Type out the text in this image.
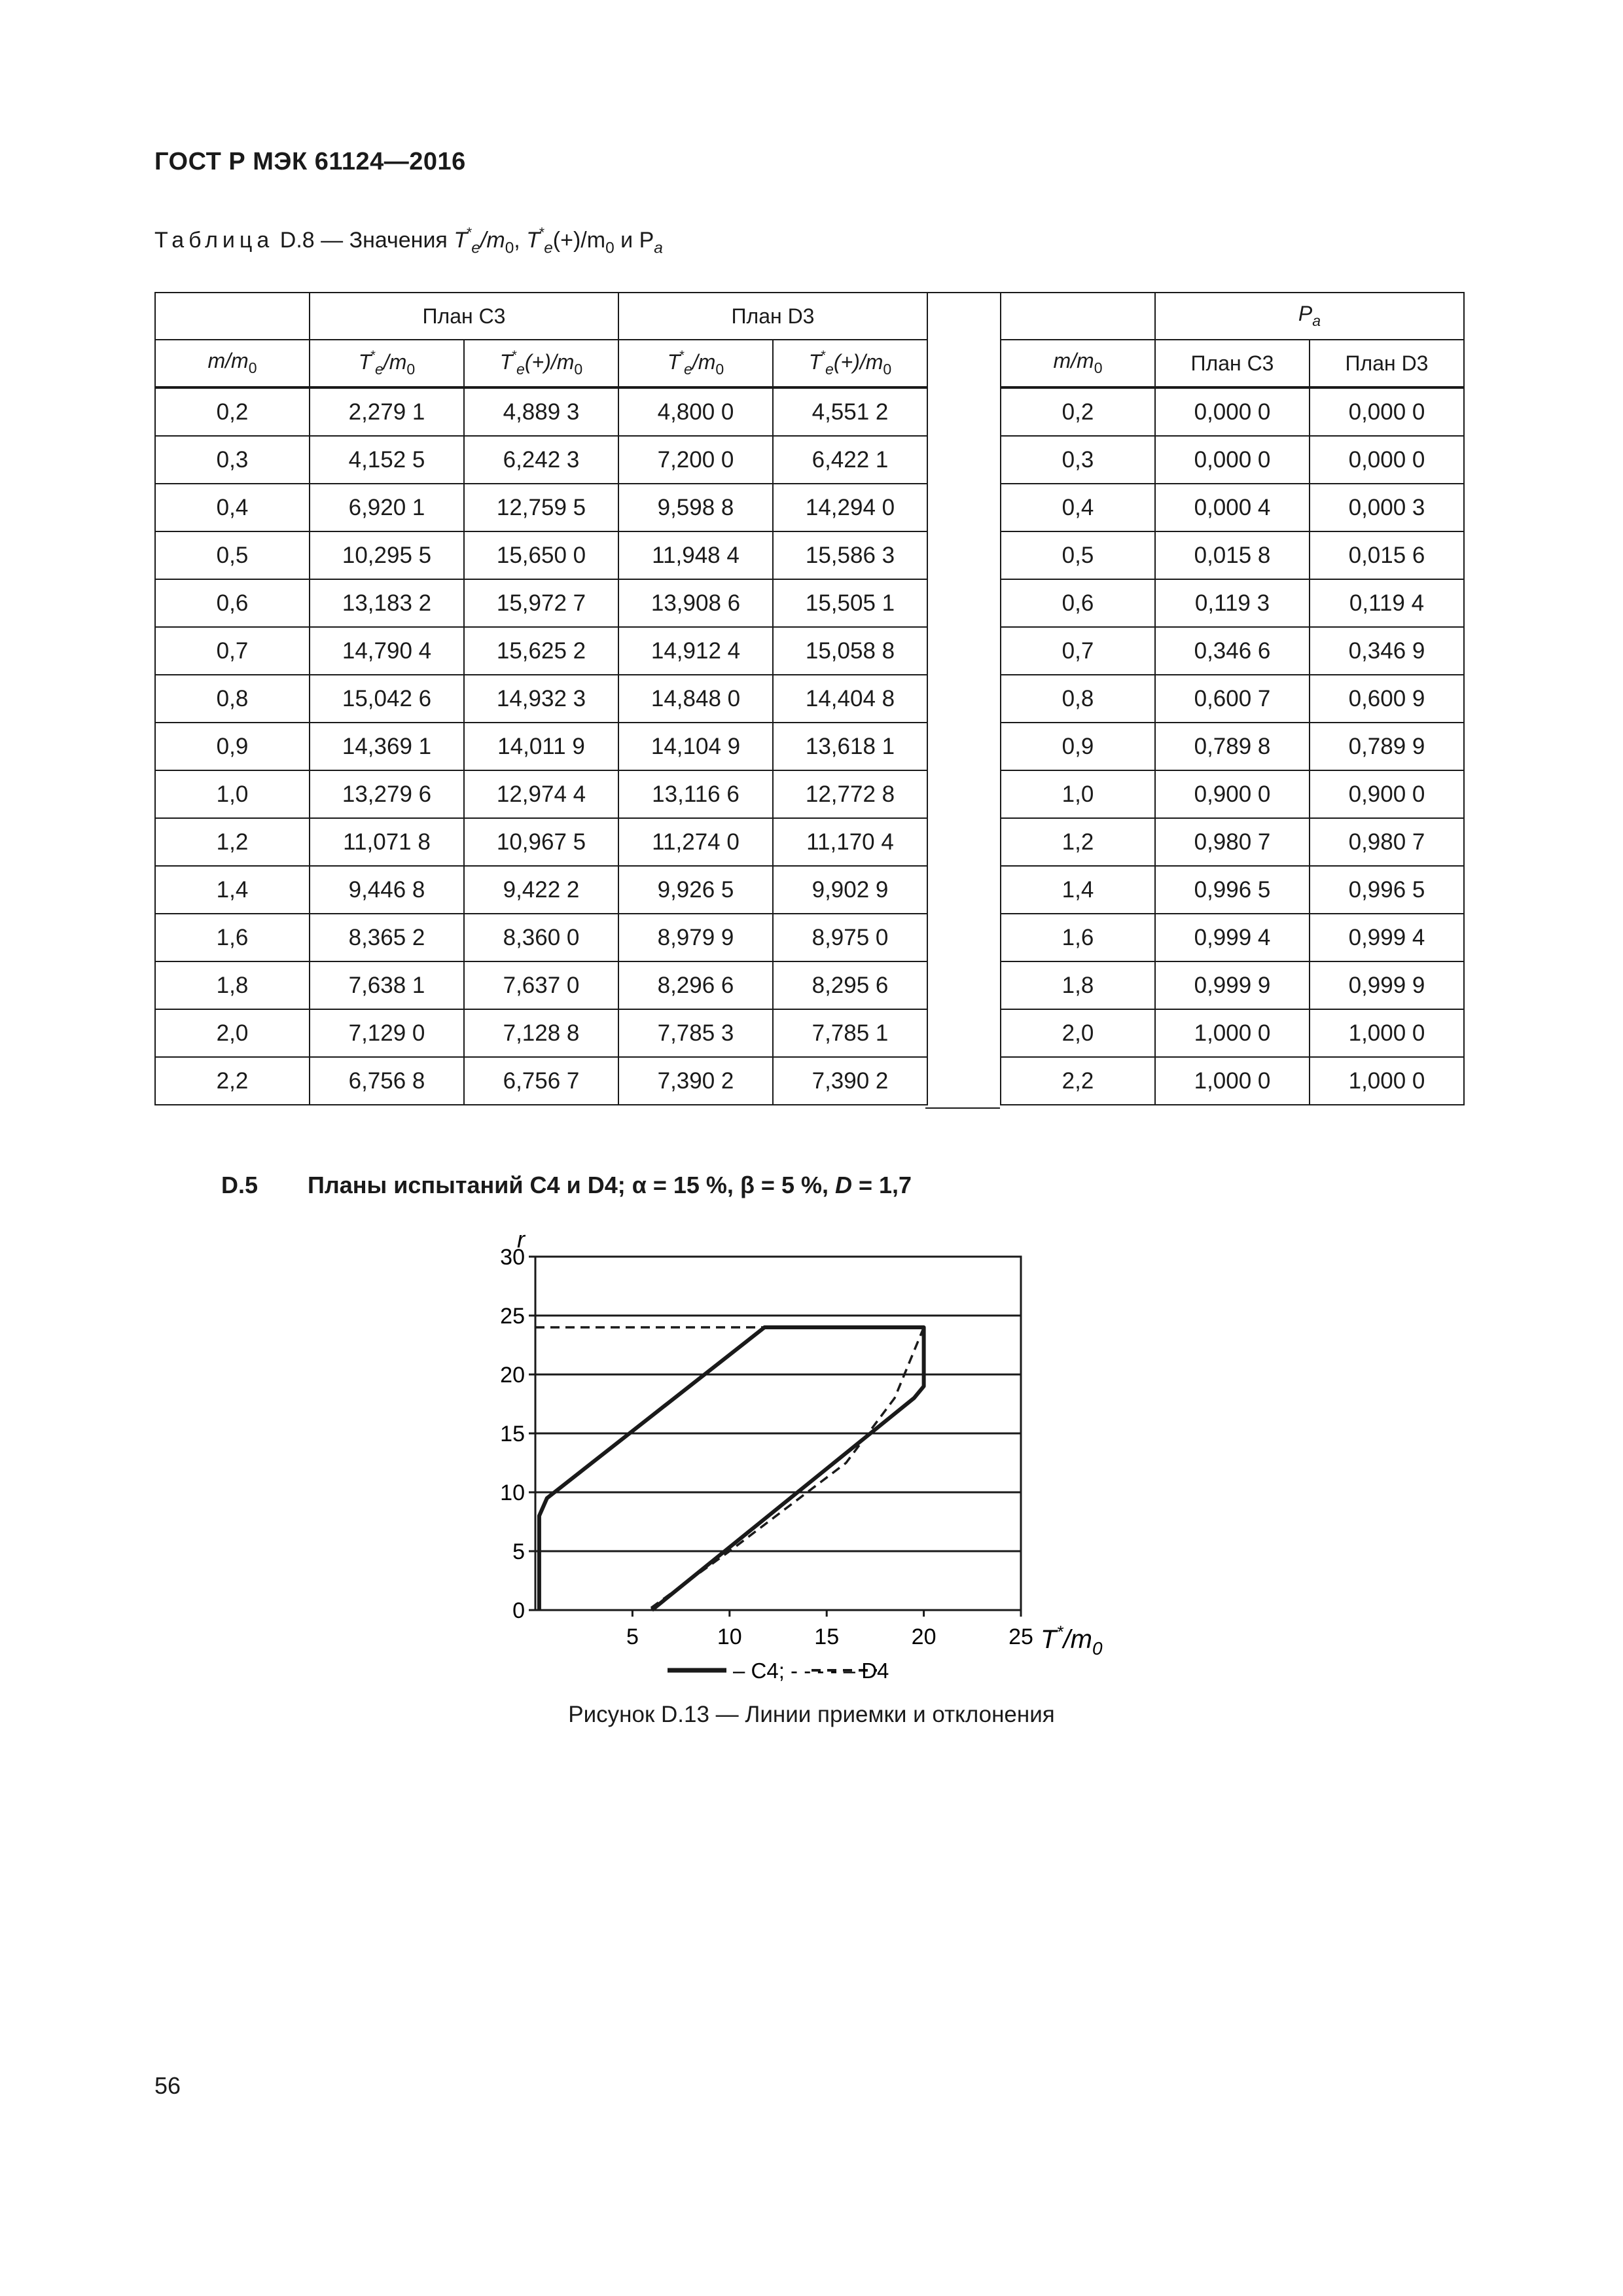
ГОСТ Р МЭК 61124—2016
Таблица D.8 — Значения $T^*_e/m_0$, $T^*_e(+)/m_0$ и $P_a$
	План C3		План D3	
$m/m_0$	$T^*_e/m_0$	$T^*_e(+)/m_0$	$T^*_e/m_0$	$T^*_e(+)/m_0$
0,2	2,279 1	4,889 3	4,800 0	4,551 2
0,3	4,152 5	6,242 3	7,200 0	6,422 1
0,4	6,920 1	12,759 5	9,598 8	14,294 0
0,5	10,295 5	15,650 0	11,948 4	15,586 3
0,6	13,183 2	15,972 7	13,908 6	15,505 1
0,7	14,790 4	15,625 2	14,912 4	15,058 8
0,8	15,042 6	14,932 3	14,848 0	14,404 8
0,9	14,369 1	14,011 9	14,104 9	13,618 1
1,0	13,279 6	12,974 4	13,116 6	12,772 8
1,2	11,071 8	10,967 5	11,274 0	11,170 4
1,4	9,446 8	9,422 2	9,926 5	9,902 9
1,6	8,365 2	8,360 0	8,979 9	8,975 0
1,8	7,638 1	7,637 0	8,296 6	8,295 6
2,0	7,129 0	7,128 8	7,785 3	7,785 1
2,2	6,756 8	6,756 7	7,390 2	7,390 2
	$P_a$
$m/m_0$	План C3	План D3
0,2	0,000 0	0,000 0
0,3	0,000 0	0,000 0
0,4	0,000 4	0,000 3
0,5	0,015 8	0,015 6
0,6	0,119 3	0,119 4
0,7	0,346 6	0,346 9
0,8	0,600 7	0,600 9
0,9	0,789 8	0,789 9
1,0	0,900 0	0,900 0
1,2	0,980 7	0,980 7
1,4	0,996 5	0,996 5
1,6	0,999 4	0,999 4
1,8	0,999 9	0,999 9
2,0	1,000 0	1,000 0
2,2	1,000 0	1,000 0
D.5 Планы испытаний C4 и D4; α = 15 %, β = 5 %, D = 1,7
0
5
10
15
20
25
30
5	10	15	20	25
r
$T^*/m_0$
– C4; - - - - – D4
Рисунок D.13 — Линии приемки и отклонения
56
